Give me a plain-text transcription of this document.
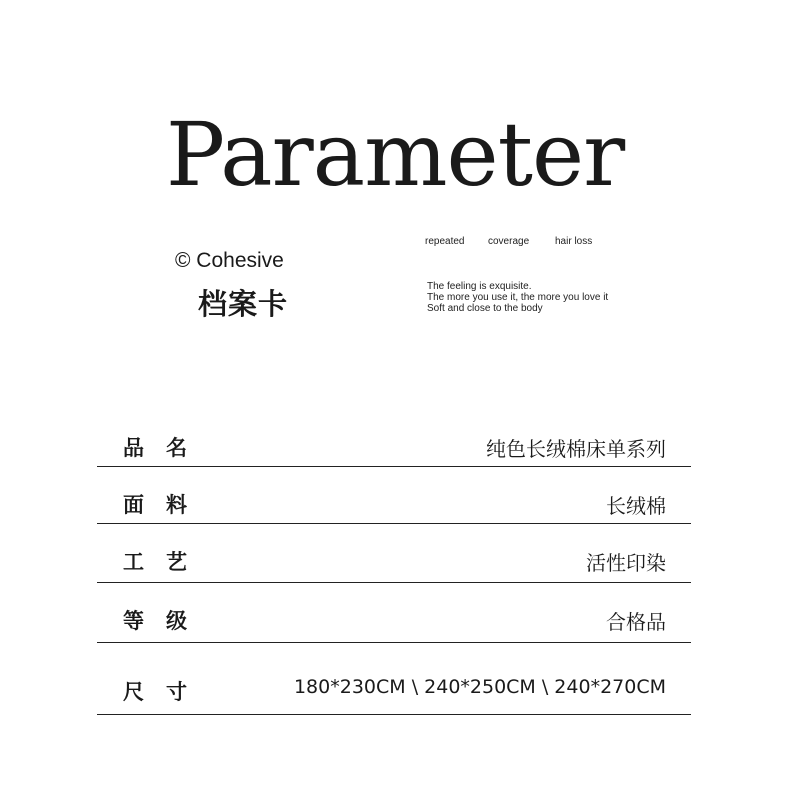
Parameter
© Cohesive
档案卡
repeated coverage	hair loss
The feeling is exquisite.
The more you use it, the more you love it
Soft and close to the body
品名	纯色长绒棉床单系列
面料	长绒棉
工艺	活性印染
等级	合格品
尺寸	180*230CM \ 240*250CM \ 240*270CM
